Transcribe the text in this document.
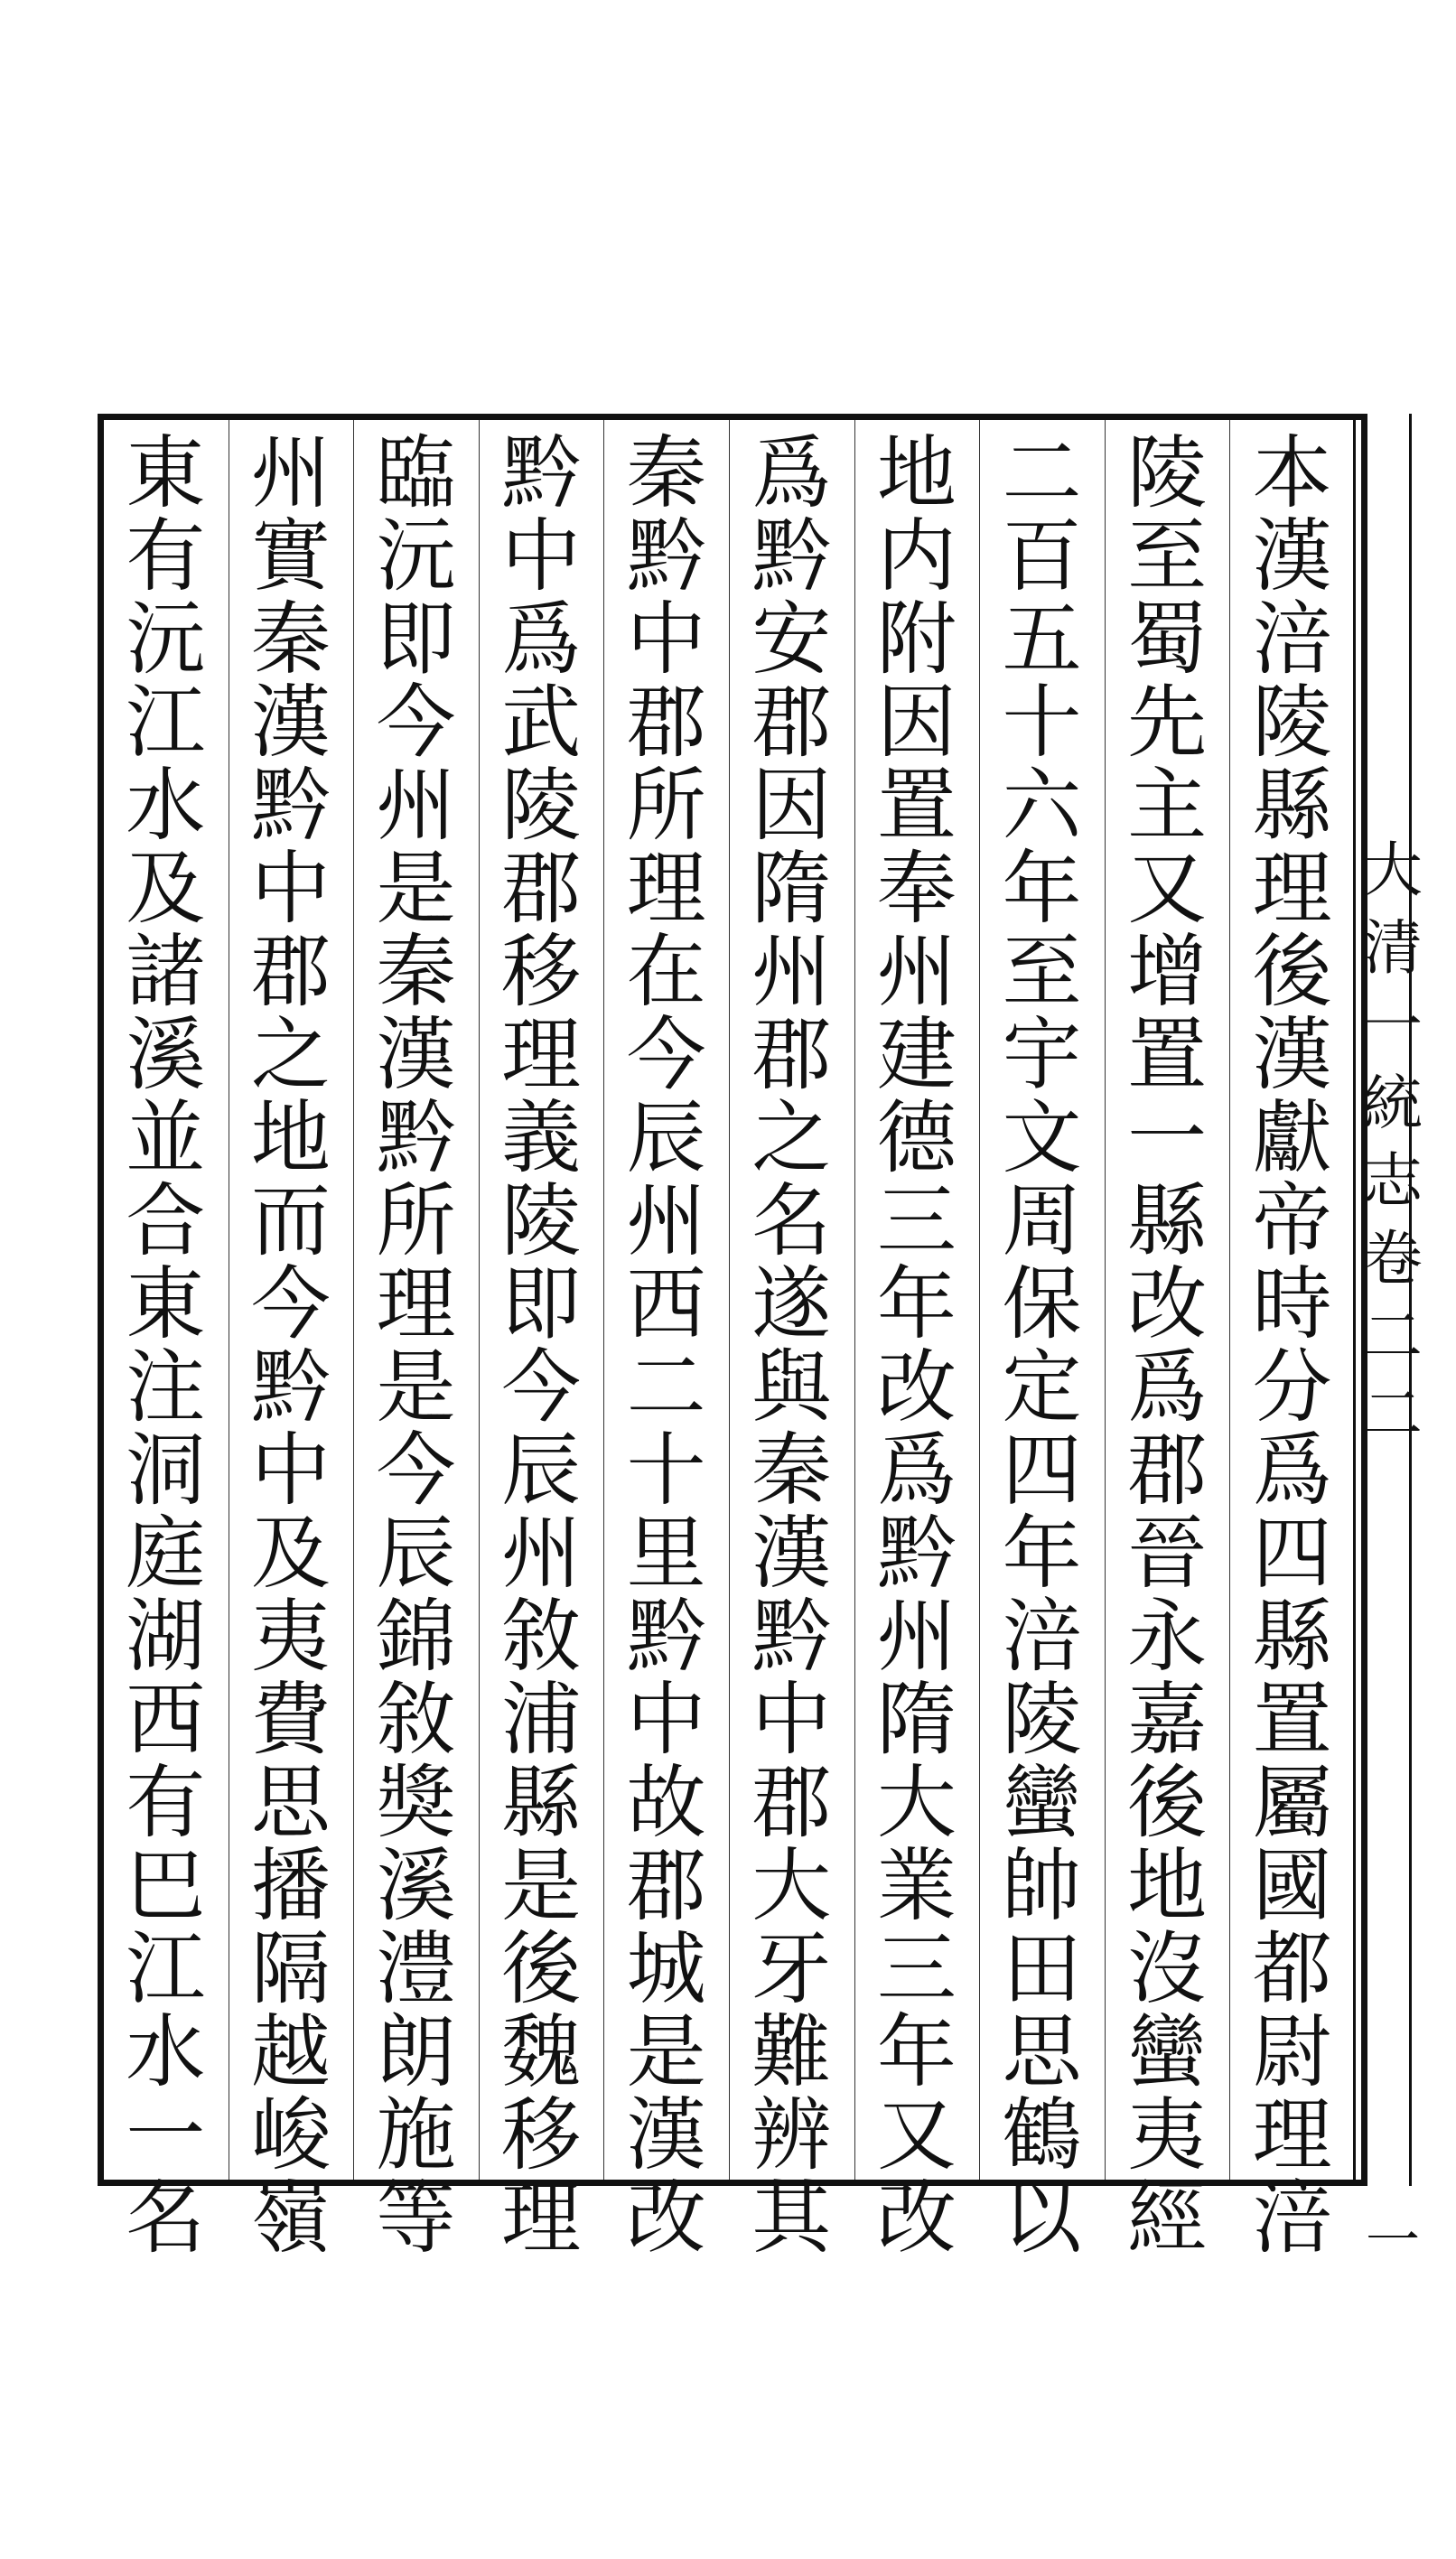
本
漢
涪
陵
縣
理
後
漢
獻
帝
時
分
爲
四
縣
置
屬
國
都
尉
理
涪
陵
至
蜀
先
主
又
增
置
一
縣
改
爲
郡
晉
永
嘉
後
地
沒
蠻
夷
經
二
百
五
十
六
年
至
宇
文
周
保
定
四
年
涪
陵
蠻
帥
田
思
鶴
以
地
内
附
因
置
奉
州
建
德
三
年
改
爲
黔
州
隋
大
業
三
年
又
改
爲
黔
安
郡
因
隋
州
郡
之
名
遂
與
秦
漢
黔
中
郡
大
牙
難
辨
其
秦
黔
中
郡
所
理
在
今
辰
州
西
二
十
里
黔
中
故
郡
城
是
漢
改
黔
中
爲
武
陵
郡
移
理
義
陵
即
今
辰
州
敘
浦
縣
是
後
魏
移
理
臨
沅
即
今
州
是
秦
漢
黔
所
理
是
今
辰
錦
敘
獎
溪
澧
朗
施
等
州
實
秦
漢
黔
中
郡
之
地
而
今
黔
中
及
夷
費
思
播
隔
越
峻
嶺
東
有
沅
江
水
及
諸
溪
並
合
東
注
洞
庭
湖
西
有
巴
江
水
一
名
大
清
一
統
志
卷
二
二
一
